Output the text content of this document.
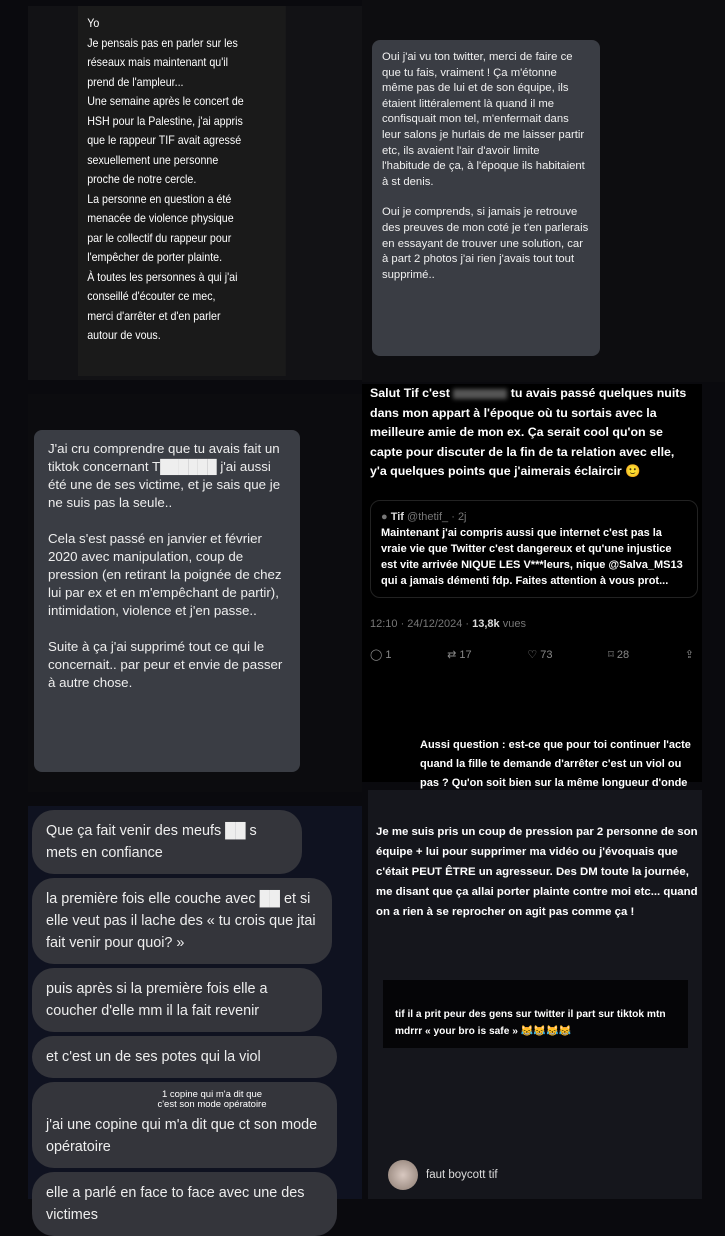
Yo
Je pensais pas en parler sur les
réseaux mais maintenant qu'il
prend de l'ampleur...
Une semaine après le concert de
HSH pour la Palestine, j'ai appris
que le rappeur TIF avait agressé
sexuellement une personne
proche de notre cercle.
La personne en question a été
menacée de violence physique
par le collectif du rappeur pour
l'empêcher de porter plainte.
À toutes les personnes à qui j'ai
conseillé d'écouter ce mec,
merci d'arrêter et d'en parler
autour de vous.

Oui j'ai vu ton twitter, merci de faire ce que tu fais, vraiment ! Ça m'étonne même pas de lui et de son équipe, ils étaient littéralement là quand il me confisquait mon tel, m'enfermait dans leur salons je hurlais de me laisser partir etc, ils avaient l'air d'avoir limite l'habitude de ça, à l'époque ils habitaient à st denis.

Oui je comprends, si jamais je retrouve des preuves de mon coté je t'en parlerais en essayant de trouver une solution, car à part 2 photos j'ai rien j'avais tout tout supprimé..

J'ai cru comprendre que tu avais fait un tiktok concernant T██████ j'ai aussi été une de ses victime, et je sais que je ne suis pas la seule..

Cela s'est passé en janvier et février 2020 avec manipulation, coup de pression (en retirant la poignée de chez lui par ex et en m'empêchant de partir), intimidation, violence et j'en passe..

Suite à ça j'ai supprimé tout ce qui le concernait.. par peur et envie de passer à autre chose.

Salut Tif c'est	tu avais passé quelques nuits dans mon appart à l'époque où tu sortais avec la meilleure amie de mon ex. Ça serait cool qu'on se capte pour discuter de la fin de ta relation avec elle, y'a quelques points que j'aimerais éclaircir 🙂
● Tif @thetif_ · 2j
Maintenant j'ai compris aussi que internet c'est pas la vraie vie que Twitter c'est dangereux et qu'une injustice est vite arrivée NIQUE LES V***leurs, nique @Salva_MS13 qui a jamais démenti fdp. Faites attention à vous prot...
12:10 · 24/12/2024 · 13,8k vues
◯ 1	⇄ 17	♡ 73	⌑ 28	⇪
Aussi question : est-ce que pour toi continuer l'acte quand la fille te demande d'arrêter c'est un viol ou pas ? Qu'on soit bien sur la même longueur d'onde
Que ça fait venir des meufs ██ s mets en confiance
la première fois elle couche avec ██ et si elle veut pas il lache des « tu crois que jtai fait venir pour quoi? »
puis après si la première fois elle a coucher d'elle mm il la fait revenir
et c'est un de ses potes qui la viol
1 copine qui m'a dit que
c'est son mode opératoire
j'ai une copine qui m'a dit que ct son mode opératoire
elle a parlé en face to face avec une des victimes
Je me suis pris un coup de pression par 2 personne de son équipe + lui pour supprimer ma vidéo ou j'évoquais que c'était PEUT ÊTRE un agresseur. Des DM toute la journée, me disant que ça allai porter plainte contre moi etc... quand on a rien à se reprocher on agit pas comme ça !
tif il a prit peur des gens sur twitter il part sur tiktok mtn mdrrr « your bro is safe » 😹😹😹😹
faut boycott tif
